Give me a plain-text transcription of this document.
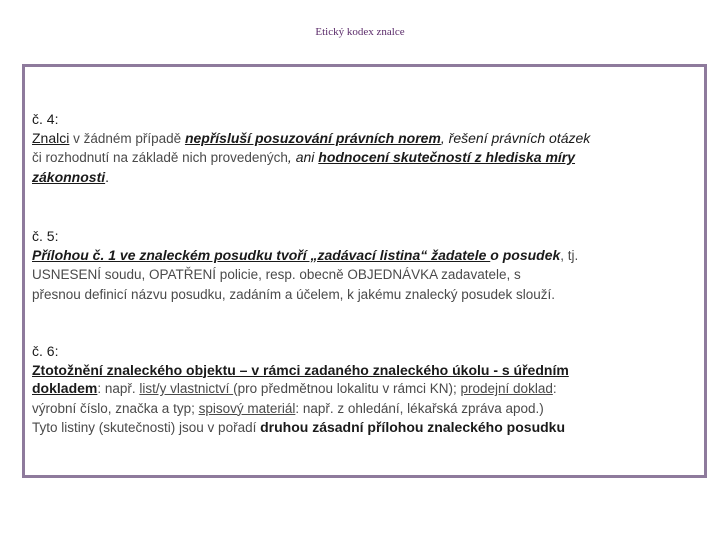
Etický kodex znalce
č. 4:
Znalci v žádném případě nepřísluší posuzování právních norem, řešení právních otázek
či rozhodnutí na základě nich provedených, ani hodnocení skutečností z hlediska míry
zákonnosti.
č. 5:
Přílohou č. 1 ve znaleckém posudku tvoří „zadávací listina“ žadatele o posudek, tj.
USNESENÍ soudu, OPATŘENÍ policie, resp. obecně OBJEDNÁVKA zadavatele, s
přesnou definicí názvu posudku, zadáním a účelem, k jakému znalecký posudek slouží.
č. 6:
Ztotožnění znaleckého objektu – v rámci zadaného znaleckého úkolu - s úředním
dokladem: např. list/y vlastnictví (pro předmětnou lokalitu v rámci KN); prodejní doklad:
výrobní číslo, značka a typ; spisový materiál: např. z ohledání, lékařská zpráva apod.)
Tyto listiny (skutečnosti) jsou v pořadí druhou zásadní přílohou znaleckého posudku
